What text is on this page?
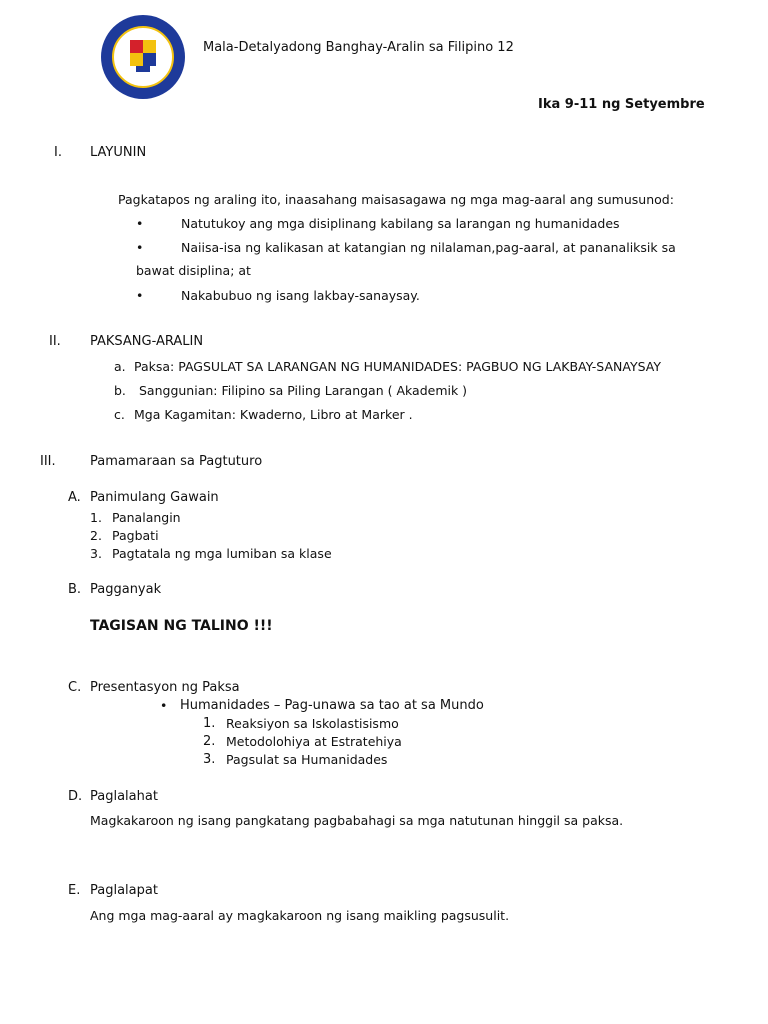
Mala-Detalyadong Banghay-Aralin sa Filipino 12
Ika 9-11 ng Setyembre
I. LAYUNIN
Pagkatapos ng araling ito, inaasahang maisasagawa ng mga mag-aaral ang sumusunod:
•	Natutukoy ang mga disiplinang kabilang sa larangan ng humanidades
•	Naiisa-isa ng kalikasan at katangian ng nilalaman,pag-aaral, at pananaliksik sa
bawat disiplina; at
•	Nakabubuo ng isang lakbay-sanaysay.
II. PAKSANG-ARALIN
a. Paksa: PAGSULAT SA LARANGAN NG HUMANIDADES: PAGBUO NG LAKBAY-SANAYSAY
b. Sanggunian: Filipino sa Piling Larangan ( Akademik )
c. Mga Kagamitan: Kwaderno, Libro at Marker .
III.	Pamamaraan sa Pagtuturo
A. Panimulang Gawain
1. Panalangin
2. Pagbati
3. Pagtatala ng mga lumiban sa klase
B. Pagganyak
TAGISAN NG TALINO !!!
C. Presentasyon ng Paksa
• Humanidades – Pag-unawa sa tao at sa Mundo
1. Reaksiyon sa Iskolastisismo
2. Metodolohiya at Estratehiya
3. Pagsulat sa Humanidades
D. Paglalahat
Magkakaroon ng isang pangkatang pagbabahagi sa mga natutunan hinggil sa paksa.
E. Paglalapat
Ang mga mag-aaral ay magkakaroon ng isang maikling pagsusulit.
